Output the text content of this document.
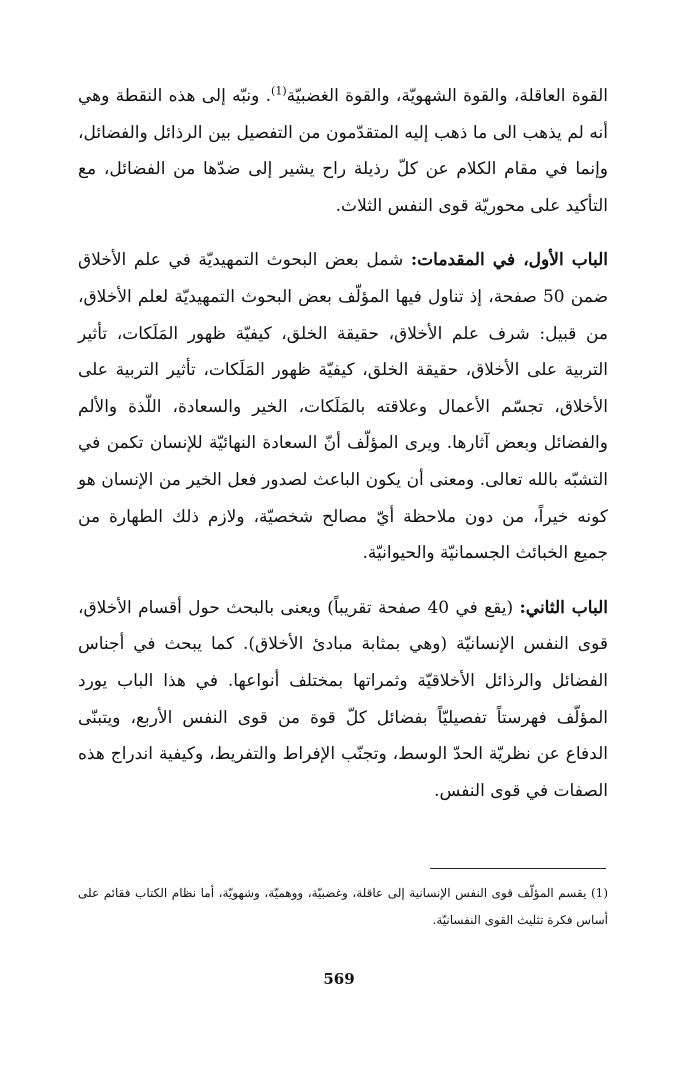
القوة العاقلة، والقوة الشهويّة، والقوة الغضبيّة$^{(1)}$. ونبّه إلى هذه النقطة وهي أنه لم يذهب الى ما ذهب إليه المتقدّمون من التفصيل بين الرذائل والفضائل، وإنما في مقام الكلام عن كلّ رذيلة راح يشير إلى ضدّها من الفضائل، مع التأكيد على محوريّة قوى النفس الثلاث.

الباب الأول، في المقدمات: شمل بعض البحوث التمهيديّة في علم الأخلاق ضمن 50 صفحة، إذ تناول فيها المؤلّف بعض البحوث التمهيديّة لعلم الأخلاق، من قبيل: شرف علم الأخلاق، حقيقة الخلق، كيفيّة ظهور المَلَكات، تأثير التربية على الأخلاق، حقيقة الخلق، كيفيّة ظهور المَلَكات، تأثير التربية على الأخلاق، تجسّم الأعمال وعلاقته بالمَلَكات، الخير والسعادة، اللّذة والألم والفضائل وبعض آثارها. ويرى المؤلّف أنّ السعادة النهائيّة للإنسان تكمن في التشبّه بالله تعالى. ومعنى أن يكون الباعث لصدور فعل الخير من الإنسان هو كونه خيراً، من دون ملاحظة أيّ مصالح شخصيّة، ولازم ذلك الطهارة من جميع الخبائث الجسمانيّة والحيوانيّة.

الباب الثاني: (يقع في 40 صفحة تقريباً) ويعنى بالبحث حول أقسام الأخلاق، قوى النفس الإنسانيّة (وهي بمثابة مبادئ الأخلاق). كما يبحث في أجناس الفضائل والرذائل الأخلاقيّة وثمراتها بمختلف أنواعها. في هذا الباب يورد المؤلّف فهرستاً تفصيليّاً بفضائل كلّ قوة من قوى النفس الأربع، ويتبنّى الدفاع عن نظريّة الحدّ الوسط، وتجنّب الإفراط والتفريط، وكيفية اندراج هذه الصفات في قوى النفس.

(1) يقسم المؤلّف قوى النفس الإنسانية إلى عاقلة، وغضبيّة، ووهميّة، وشهويّة، أما نظام الكتاب فقائم على أساس فكرة تثليث القوى النفسانيّة.
569
